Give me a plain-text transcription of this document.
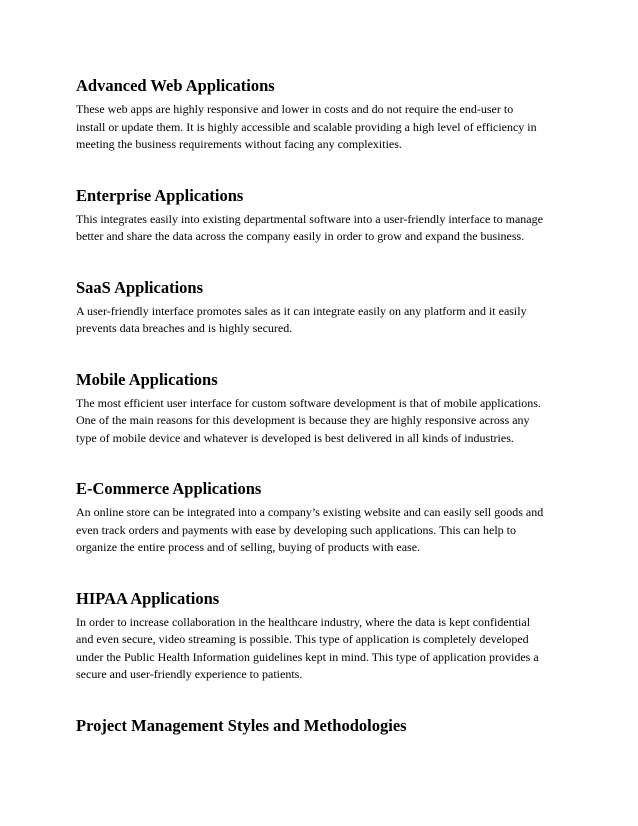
Advanced Web Applications

These web apps are highly responsive and lower in costs and do not require the end-user to
install or update them. It is highly accessible and scalable providing a high level of efficiency in
meeting the business requirements without facing any complexities.

Enterprise Applications

This integrates easily into existing departmental software into a user-friendly interface to manage
better and share the data across the company easily in order to grow and expand the business.

SaaS Applications

A user-friendly interface promotes sales as it can integrate easily on any platform and it easily
prevents data breaches and is highly secured.

Mobile Applications

The most efficient user interface for custom software development is that of mobile applications.
One of the main reasons for this development is because they are highly responsive across any
type of mobile device and whatever is developed is best delivered in all kinds of industries.

E-Commerce Applications

An online store can be integrated into a company’s existing website and can easily sell goods and
even track orders and payments with ease by developing such applications. This can help to
organize the entire process and of selling, buying of products with ease.

HIPAA Applications

In order to increase collaboration in the healthcare industry, where the data is kept confidential
and even secure, video streaming is possible. This type of application is completely developed
under the Public Health Information guidelines kept in mind. This type of application provides a
secure and user-friendly experience to patients.

Project Management Styles and Methodologies
